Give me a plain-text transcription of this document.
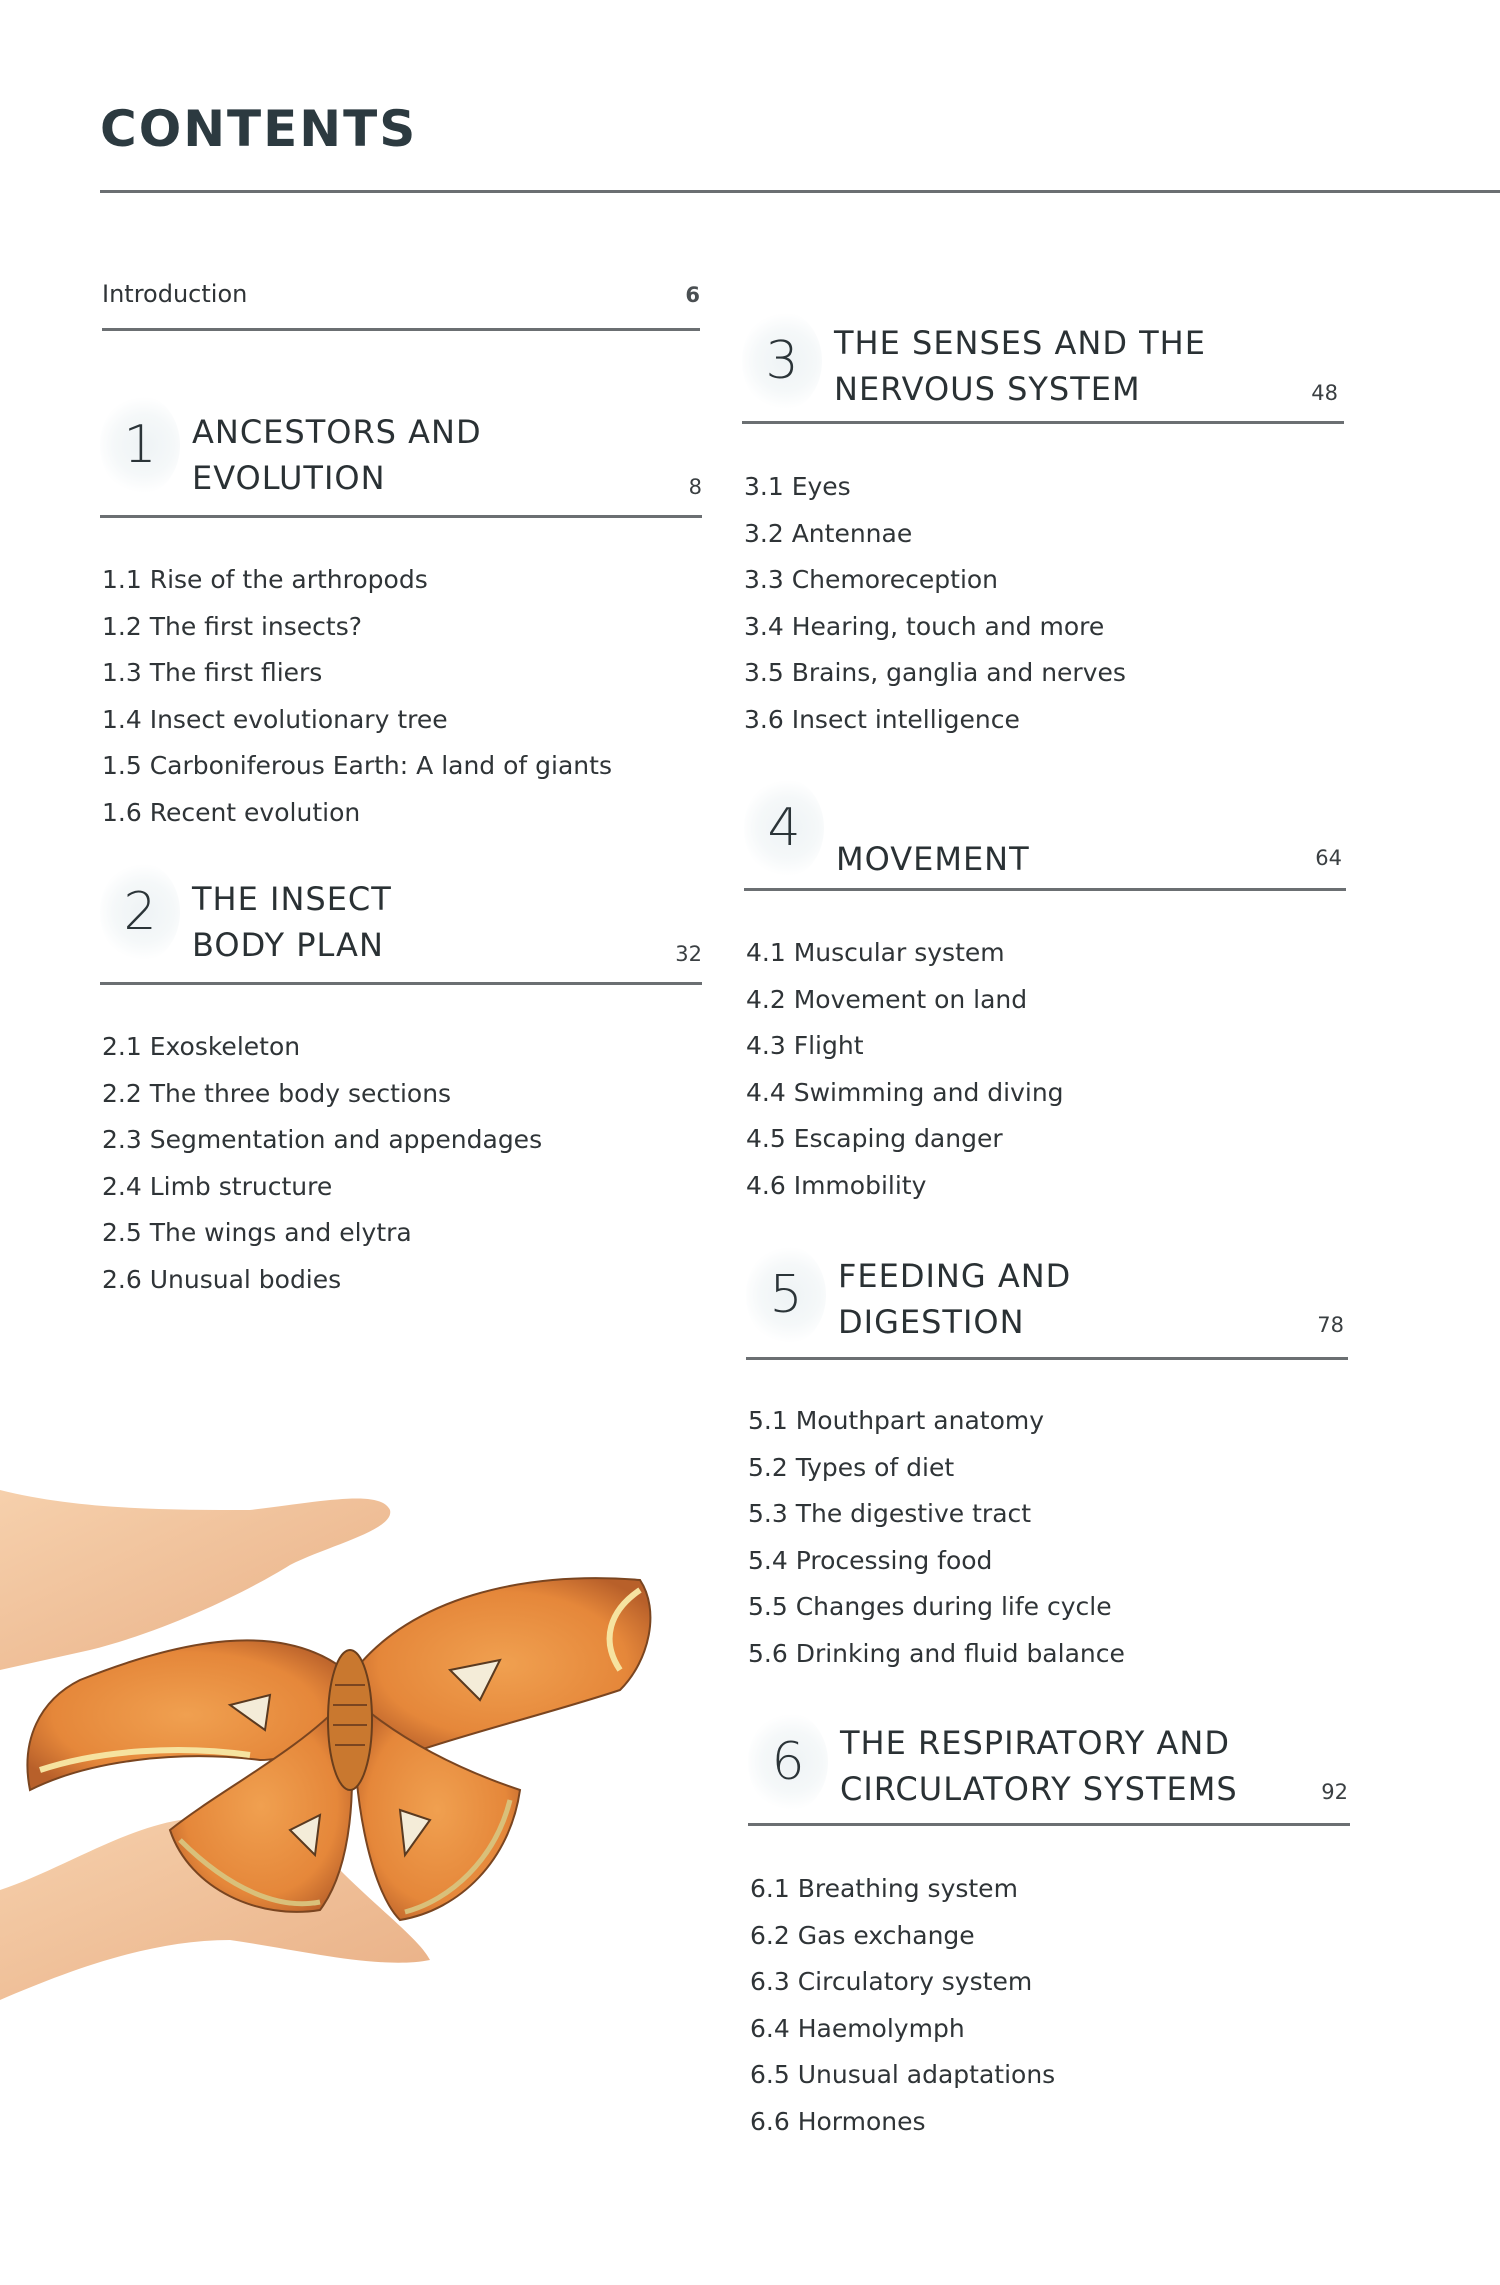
CONTENTS
Introduction	6
1	ANCESTORS AND
EVOLUTION	8
1.1 Rise of the arthropods
1.2 The first insects?
1.3 The first fliers
1.4 Insect evolutionary tree
1.5 Carboniferous Earth: A land of giants
1.6 Recent evolution
2	THE INSECT
BODY PLAN	32
2.1 Exoskeleton
2.2 The three body sections
2.3 Segmentation and appendages
2.4 Limb structure
2.5 The wings and elytra
2.6 Unusual bodies
3	THE SENSES AND THE
NERVOUS SYSTEM	48
3.1 Eyes
3.2 Antennae
3.3 Chemoreception
3.4 Hearing, touch and more
3.5 Brains, ganglia and nerves
3.6 Insect intelligence
4
MOVEMENT	64
4.1 Muscular system
4.2 Movement on land
4.3 Flight
4.4 Swimming and diving
4.5 Escaping danger
4.6 Immobility
5	FEEDING AND
DIGESTION	78
5.1 Mouthpart anatomy
5.2 Types of diet
5.3 The digestive tract
5.4 Processing food
5.5 Changes during life cycle
5.6 Drinking and fluid balance
6	THE RESPIRATORY AND
CIRCULATORY SYSTEMS	92
6.1 Breathing system
6.2 Gas exchange
6.3 Circulatory system
6.4 Haemolymph
6.5 Unusual adaptations
6.6 Hormones
